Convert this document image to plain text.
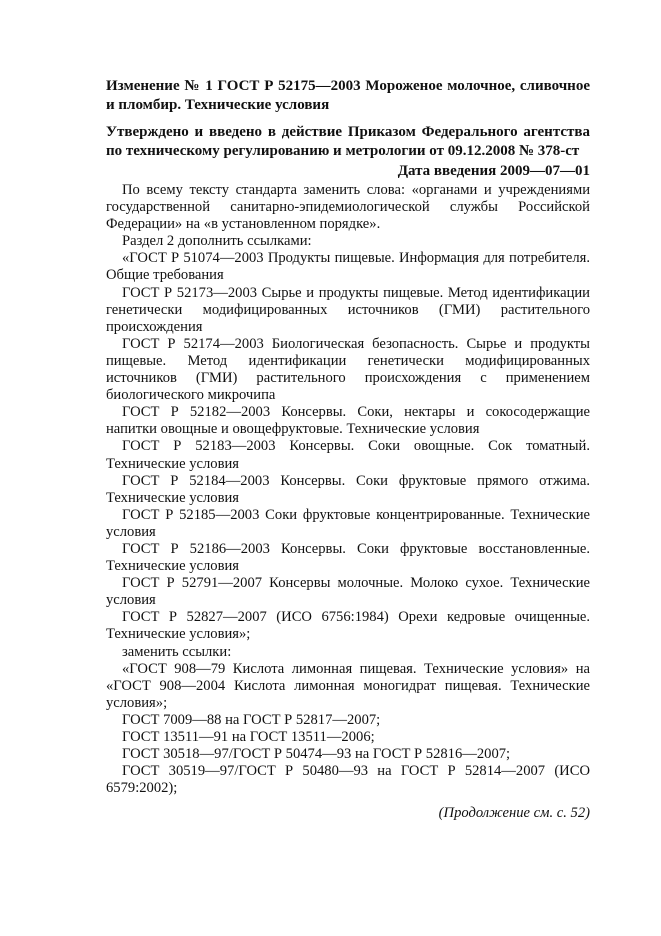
Изменение № 1 ГОСТ Р 52175—2003 Мороженое молочное, сливочное и пломбир. Технические условия

Утверждено и введено в действие Приказом Федерального агентства по техническому регулированию и метрологии от 09.12.2008 № 378-ст

Дата введения 2009—07—01

По всему тексту стандарта заменить слова: «органами и учреждениями государственной санитарно-эпидемиологической службы Российской Федерации» на «в установленном порядке».

Раздел 2 дополнить ссылками:

«ГОСТ Р 51074—2003 Продукты пищевые. Информация для потребителя. Общие требования

ГОСТ Р 52173—2003 Сырье и продукты пищевые. Метод идентификации генетически модифицированных источников (ГМИ) растительного происхождения

ГОСТ Р 52174—2003 Биологическая безопасность. Сырье и продукты пищевые. Метод идентификации генетически модифицированных источников (ГМИ) растительного происхождения с применением биологического микрочипа

ГОСТ Р 52182—2003 Консервы. Соки, нектары и сокосодержащие напитки овощные и овощефруктовые. Технические условия

ГОСТ Р 52183—2003 Консервы. Соки овощные. Сок томатный. Технические условия

ГОСТ Р 52184—2003 Консервы. Соки фруктовые прямого отжима. Технические условия

ГОСТ Р 52185—2003 Соки фруктовые концентрированные. Технические условия

ГОСТ Р 52186—2003 Консервы. Соки фруктовые восстановленные. Технические условия

ГОСТ Р 52791—2007 Консервы молочные. Молоко сухое. Технические условия

ГОСТ Р 52827—2007 (ИСО 6756:1984) Орехи кедровые очищенные. Технические условия»;

заменить ссылки:

«ГОСТ 908—79 Кислота лимонная пищевая. Технические условия» на «ГОСТ 908—2004 Кислота лимонная моногидрат пищевая. Технические условия»;

ГОСТ 7009—88 на ГОСТ Р 52817—2007;

ГОСТ 13511—91 на ГОСТ 13511—2006;

ГОСТ 30518—97/ГОСТ Р 50474—93 на ГОСТ Р 52816—2007;

ГОСТ 30519—97/ГОСТ Р 50480—93 на ГОСТ Р 52814—2007 (ИСО 6579:2002);

(Продолжение см. с. 52)
